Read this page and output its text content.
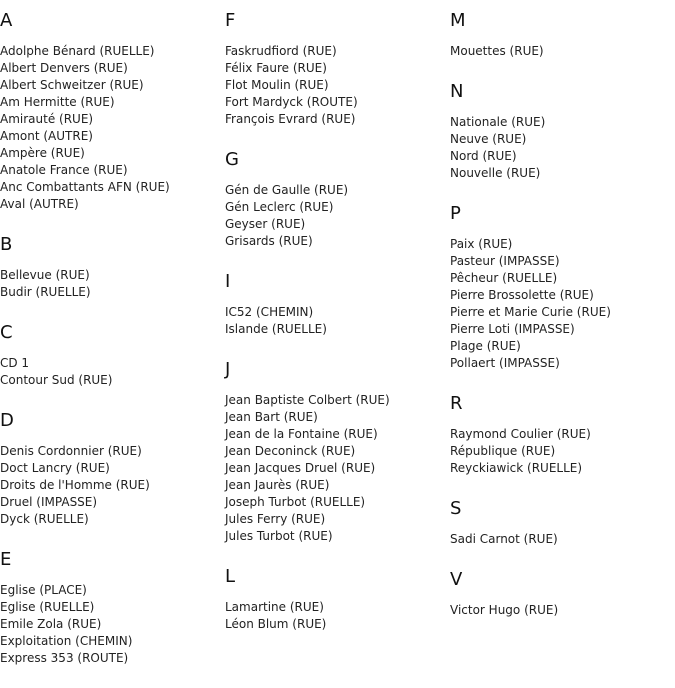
A
Adolphe Bénard (RUELLE)
Albert Denvers (RUE)
Albert Schweitzer (RUE)
Am Hermitte (RUE)
Amirauté (RUE)
Amont (AUTRE)
Ampère (RUE)
Anatole France (RUE)
Anc Combattants AFN (RUE)
Aval (AUTRE)
B
Bellevue (RUE)
Budir (RUELLE)
C
CD 1
Contour Sud (RUE)
D
Denis Cordonnier (RUE)
Doct Lancry (RUE)
Droits de l'Homme (RUE)
Druel (IMPASSE)
Dyck (RUELLE)
E
Eglise (PLACE)
Eglise (RUELLE)
Emile Zola (RUE)
Exploitation (CHEMIN)
Express 353 (ROUTE)
F
Faskrudfiord (RUE)
Félix Faure (RUE)
Flot Moulin (RUE)
Fort Mardyck (ROUTE)
François Evrard (RUE)
G
Gén de Gaulle (RUE)
Gén Leclerc (RUE)
Geyser (RUE)
Grisards (RUE)
I
IC52 (CHEMIN)
Islande (RUELLE)
J
Jean Baptiste Colbert (RUE)
Jean Bart (RUE)
Jean de la Fontaine (RUE)
Jean Deconinck (RUE)
Jean Jacques Druel (RUE)
Jean Jaurès (RUE)
Joseph Turbot (RUELLE)
Jules Ferry (RUE)
Jules Turbot (RUE)
L
Lamartine (RUE)
Léon Blum (RUE)
M
Mouettes (RUE)
N
Nationale (RUE)
Neuve (RUE)
Nord (RUE)
Nouvelle (RUE)
P
Paix (RUE)
Pasteur (IMPASSE)
Pêcheur (RUELLE)
Pierre Brossolette (RUE)
Pierre et Marie Curie (RUE)
Pierre Loti (IMPASSE)
Plage (RUE)
Pollaert (IMPASSE)
R
Raymond Coulier (RUE)
République (RUE)
Reyckiawick (RUELLE)
S
Sadi Carnot (RUE)
V
Victor Hugo (RUE)
